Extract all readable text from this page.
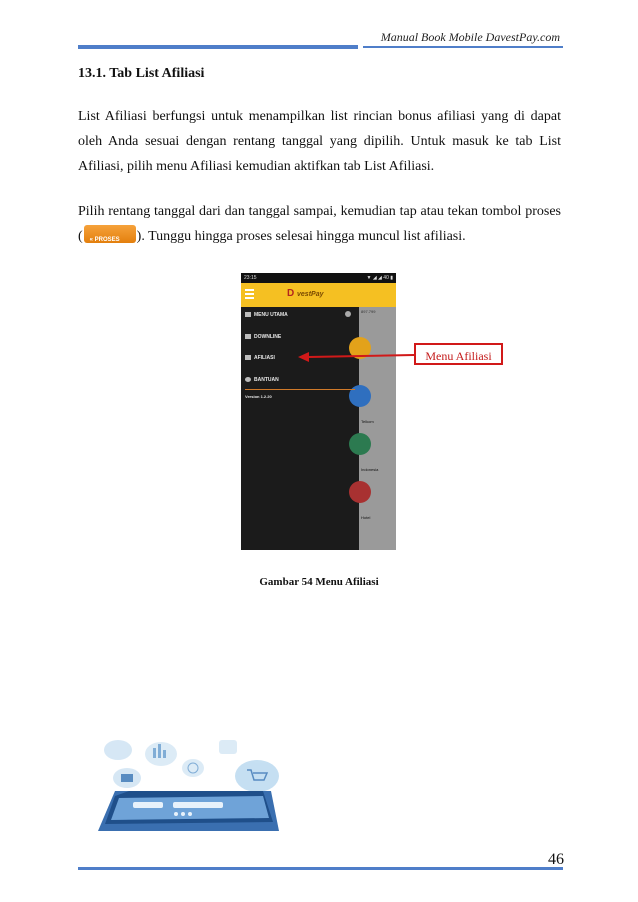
Manual Book Mobile DavestPay.com
13.1. Tab List Afiliasi

List Afiliasi berfungsi untuk menampilkan list rincian bonus afiliasi yang di dapat oleh Anda sesuai dengan rentang tanggal yang dipilih. Untuk masuk ke tab List Afiliasi, pilih menu Afiliasi kemudian aktifkan tab List Afiliasi.

Pilih rentang tanggal dari dan tanggal sampai, kemudian tap atau tekan tombol proses ( « PROSES ). Tunggu hingga proses selesai hingga muncul list afiliasi.

23:15	▼ ◢ ◢ 40 ▮
D vestPay
897.799
Telkom
Indonesia
Hotel
MENU UTAMA
DOWNLINE
AFILIASI
BANTUAN
Version 1.2.20
Menu Afiliasi
Gambar 54 Menu Afiliasi
46
